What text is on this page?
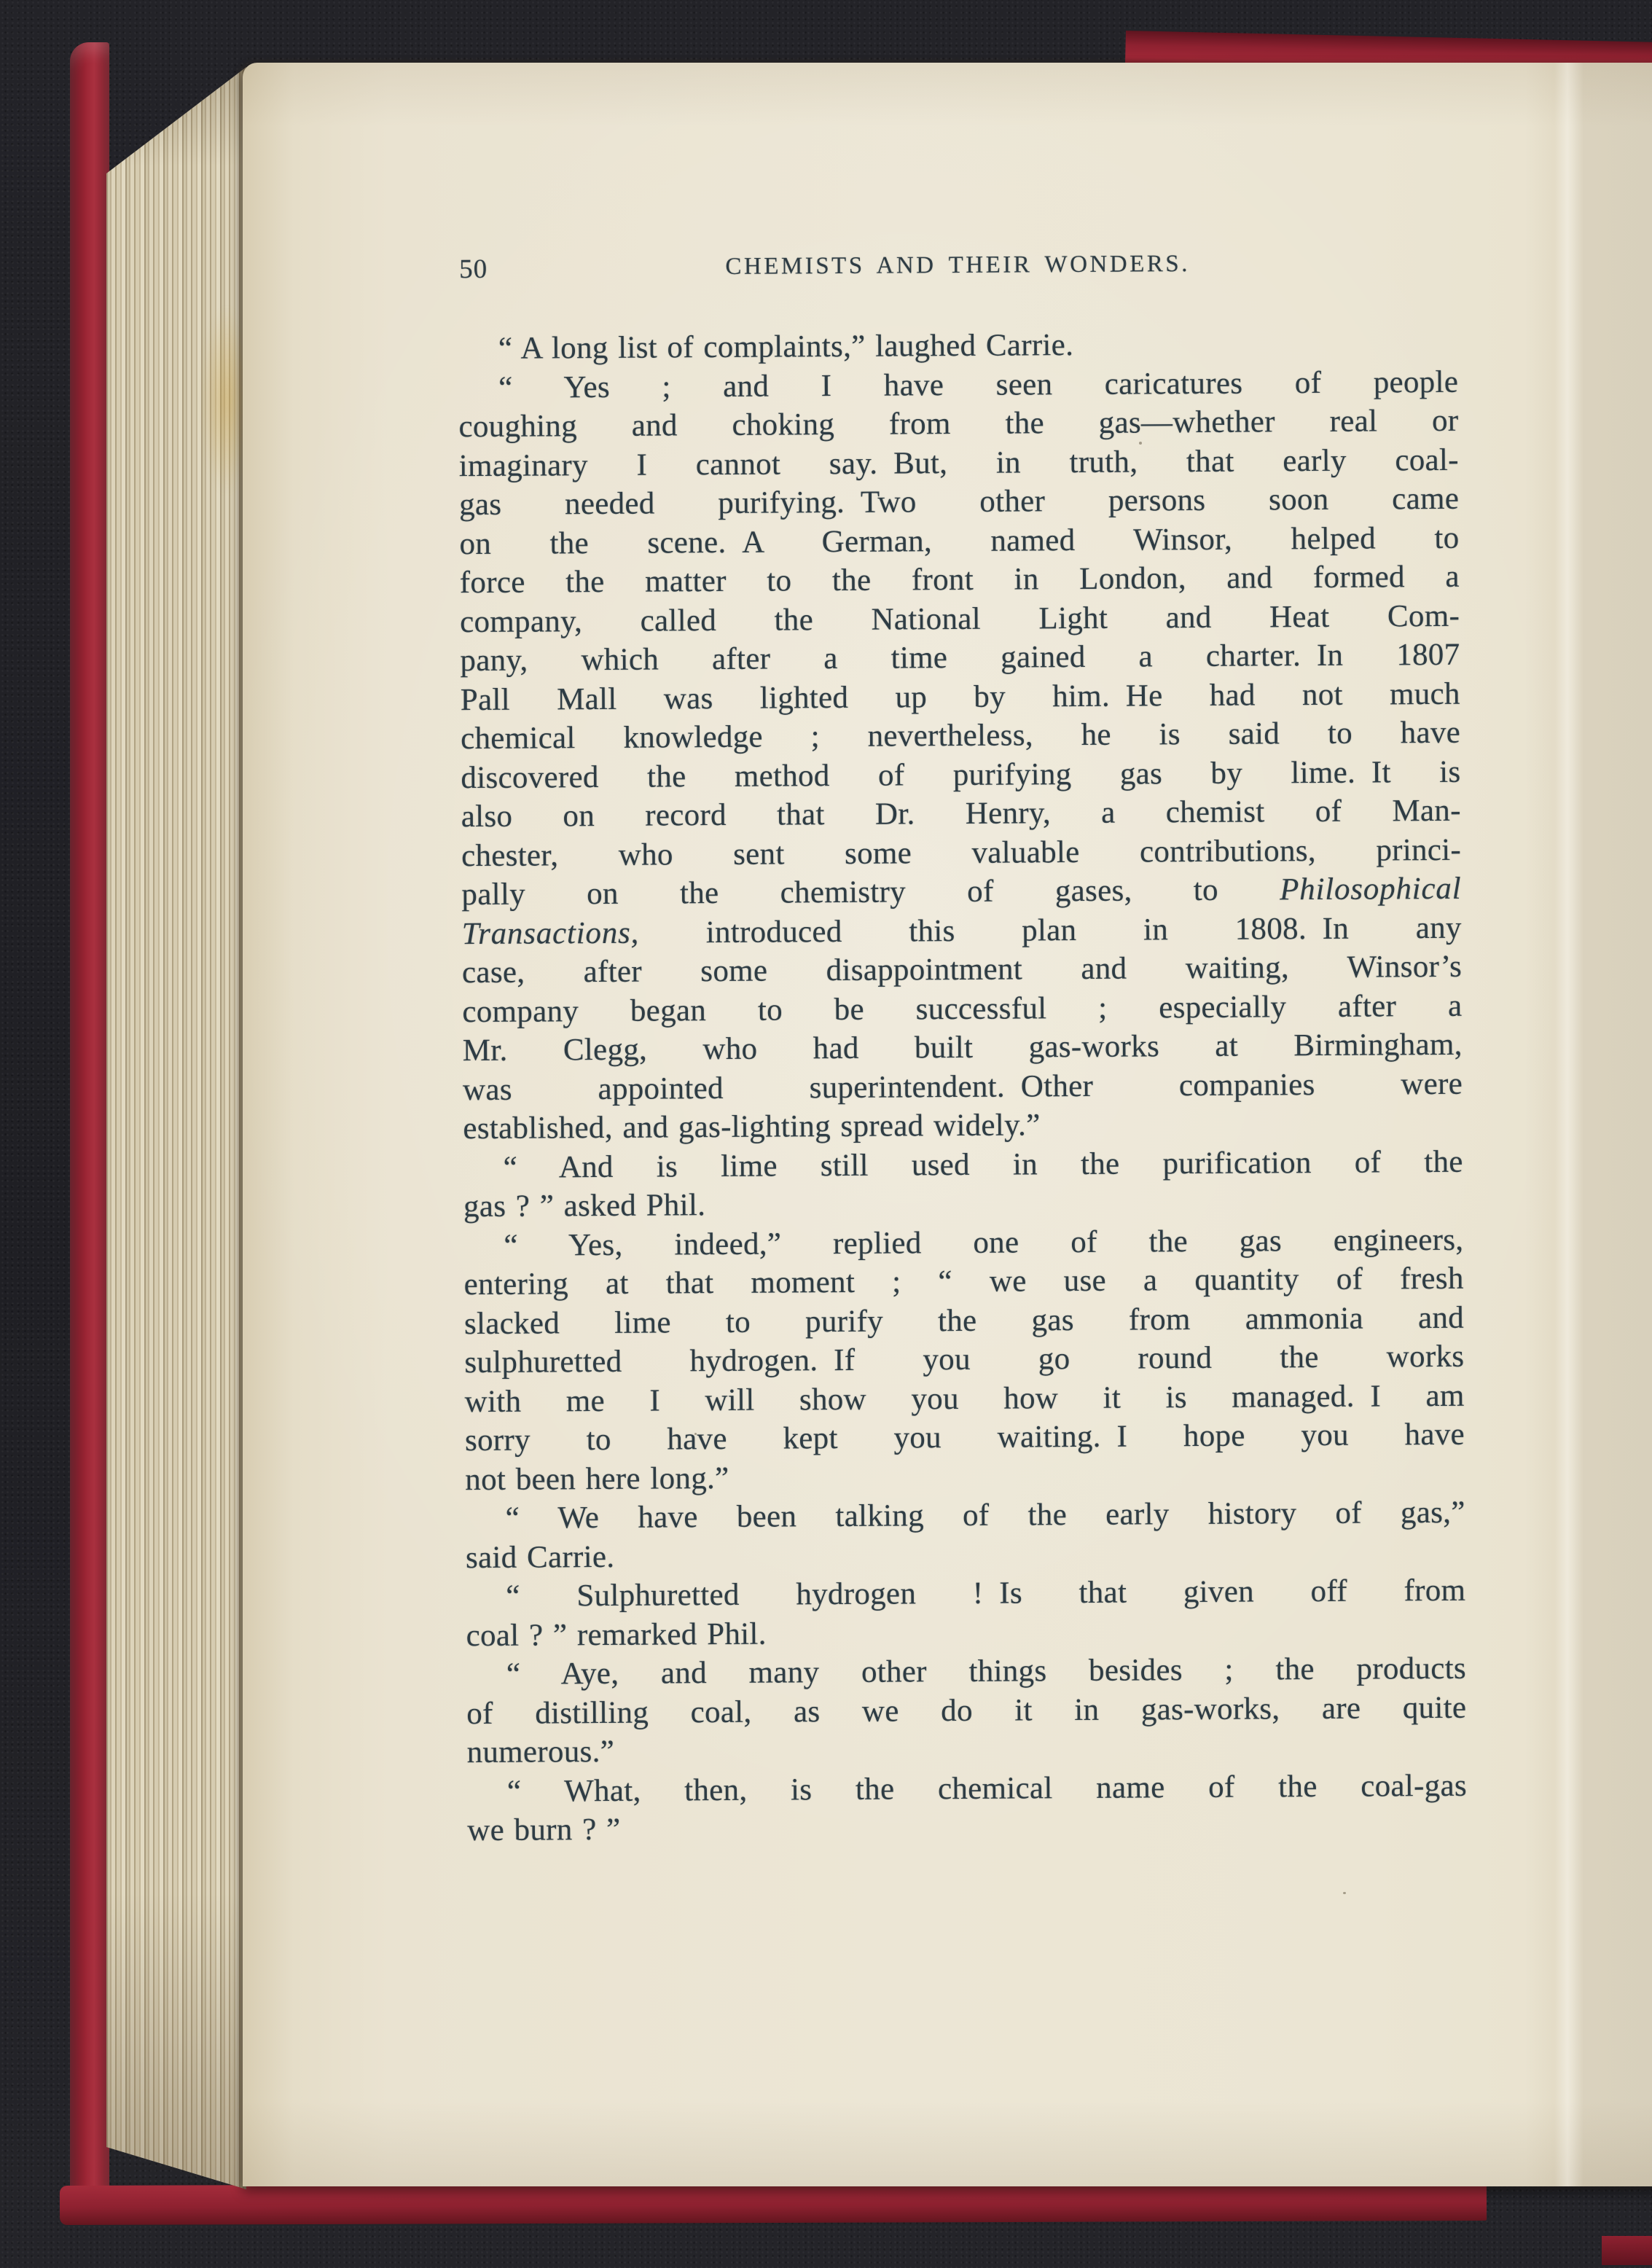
50	CHEMISTS AND THEIR WONDERS.
“ A long list of complaints,” laughed Carrie.
“ Yes ; and I have seen caricatures of people
coughing and choking from the gas—whether real or
imaginary I cannot say. But, in truth, that early coal-
gas needed purifying. Two other persons soon came
on the scene. A German, named Winsor, helped to
force the matter to the front in London, and formed a
company, called the National Light and Heat Com-
pany, which after a time gained a charter. In 1807
Pall Mall was lighted up by him. He had not much
chemical knowledge ; nevertheless, he is said to have
discovered the method of purifying gas by lime. It is
also on record that Dr. Henry, a chemist of Man-
chester, who sent some valuable contributions, princi-
pally on the chemistry of gases, to Philosophical
Transactions, introduced this plan in 1808. In any
case, after some disappointment and waiting, Winsor’s
company began to be successful ; especially after a
Mr. Clegg, who had built gas-works at Birmingham,
was appointed superintendent. Other companies were
established, and gas-lighting spread widely.”
“ And is lime still used in the purification of the
gas ? ” asked Phil.
“ Yes, indeed,” replied one of the gas engineers,
entering at that moment ; “ we use a quantity of fresh
slacked lime to purify the gas from ammonia and
sulphuretted hydrogen. If you go round the works
with me I will show you how it is managed. I am
sorry to have kept you waiting. I hope you have
not been here long.”
“ We have been talking of the early history of gas,”
said Carrie.
“ Sulphuretted hydrogen ! Is that given off from
coal ? ” remarked Phil.
“ Aye, and many other things besides ; the products
of distilling coal, as we do it in gas-works, are quite
numerous.”
“ What, then, is the chemical name of the coal-gas
we burn ? ”
